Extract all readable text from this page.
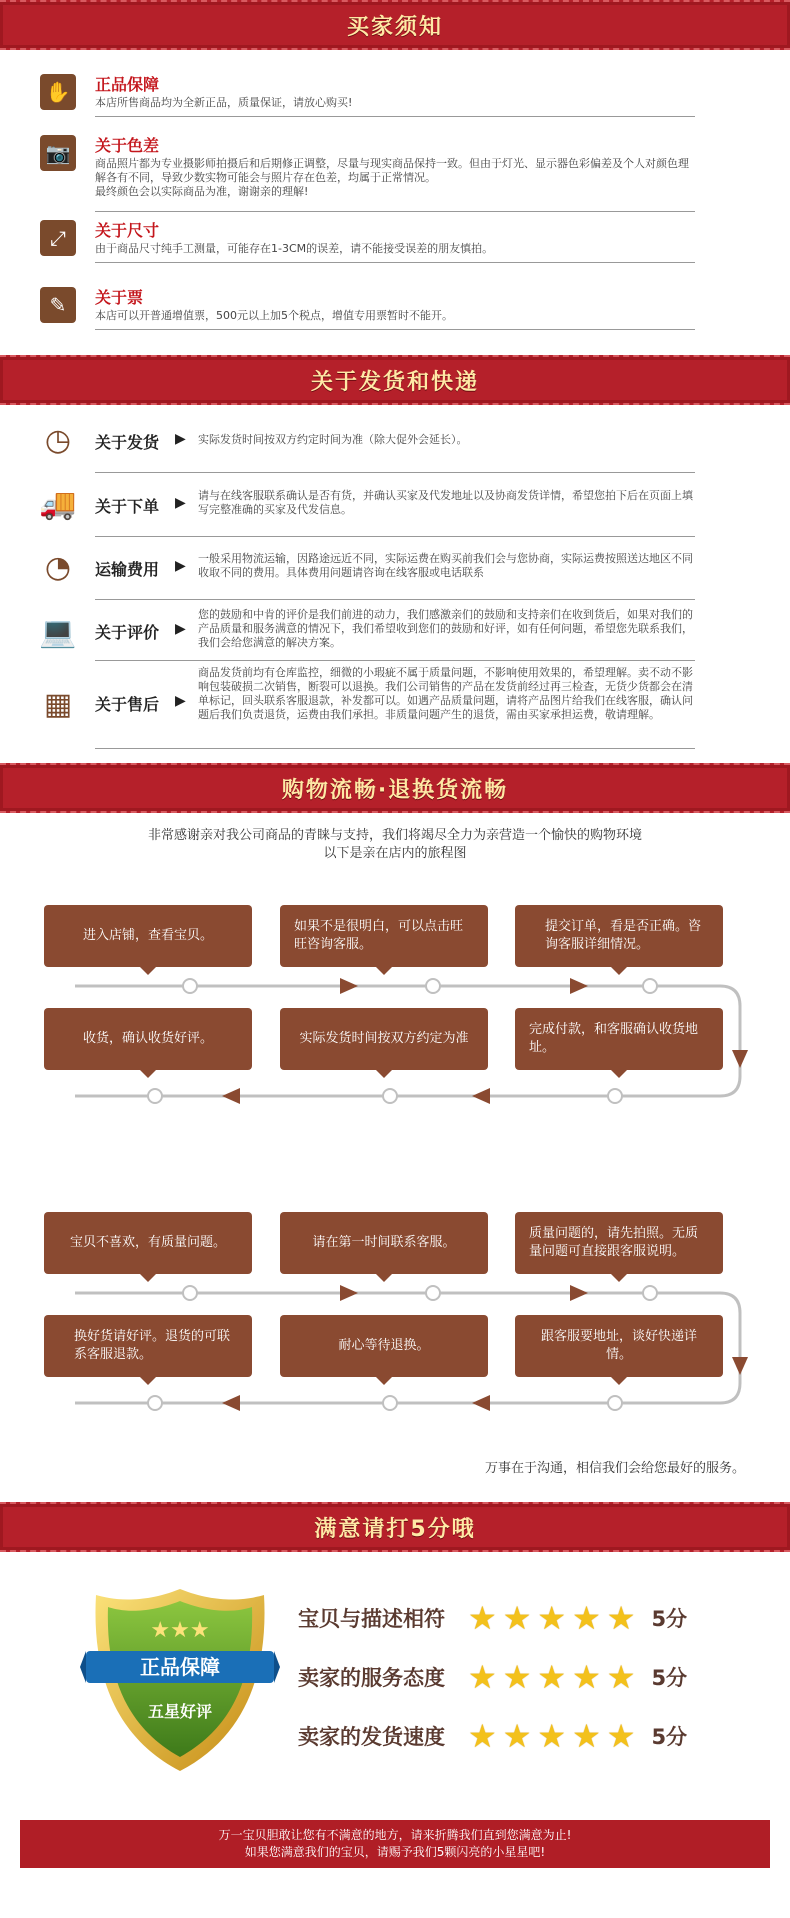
买家须知
✋	正品保障
本店所售商品均为全新正品，质量保证，请放心购买!
📷	关于色差
商品照片都为专业摄影师拍摄后和后期修正调整，尽量与现实商品保持一致。但由于灯光、显示器色彩偏差及个人对颜色理解各有不同，导致少数实物可能会与照片存在色差，均属于正常情况。
最终颜色会以实际商品为准，谢谢亲的理解!
⤢	关于尺寸
由于商品尺寸纯手工测量，可能存在1-3CM的误差，请不能接受误差的朋友慎拍。
✎	关于票
本店可以开普通增值票，500元以上加5个税点，增值专用票暂时不能开。
关于发货和快递
◷	关于发货 ▶ 实际发货时间按双方约定时间为准（除大促外会延长）。
🚚 关于下单 ▶ 请与在线客服联系确认是否有货，并确认买家及代发地址以及协商发货详情，希望您拍下后在页面上填写完整准确的买家及代发信息。
◔	运输费用 ▶ 一般采用物流运输，因路途远近不同，实际运费在购买前我们会与您协商，实际运费按照送达地区不同收取不同的费用。具体费用问题请咨询在线客服或电话联系
💻 关于评价 ▶
您的鼓励和中肯的评价是我们前进的动力，我们感激亲们的鼓励和支持亲们在收到货后，如果对我们的产品质量和服务满意的情况下，我们希望收到您们的鼓励和好评，如有任何问题，希望您先联系我们，我们会给您满意的解决方案。
▦ 关于售后 ▶
商品发货前均有仓库监控，细微的小瑕疵不属于质量问题，不影响使用效果的，希望理解。卖不动不影响包装破损二次销售，断裂可以退换。我们公司销售的产品在发货前经过再三检查，无货少货都会在清单标记，回头联系客服退款，补发都可以。如遇产品质量问题，请将产品图片给我们在线客服，确认问题后我们负责退货，运费由我们承担。非质量问题产生的退货，需由买家承担运费，敬请理解。
购物流畅·退换货流畅
非常感谢亲对我公司商品的青睐与支持，我们将竭尽全力为亲营造一个愉快的购物环境
以下是亲在店内的旅程图
进入店铺，查看宝贝。
如果不是很明白，可以点击旺旺咨询客服。
提交订单，看是否正确。咨询客服详细情况。
收货，确认收货好评。	实际发货时间按双方约定为准
完成付款，和客服确认收货地址。
宝贝不喜欢，有质量问题。	请在第一时间联系客服。
质量问题的，请先拍照。无质量问题可直接跟客服说明。
换好货请好评。退货的可联系客服退款。
耐心等待退换。
跟客服要地址，谈好快递详情。
万事在于沟通，相信我们会给您最好的服务。
满意请打5分哦
★★★
正品保障
五星好评
宝贝与描述相符 ★ ★ ★ ★ ★ 5分
卖家的服务态度 ★ ★ ★ ★ ★ 5分
卖家的发货速度 ★ ★ ★ ★ ★ 5分
万一宝贝胆敢让您有不满意的地方，请来折腾我们直到您满意为止!
如果您满意我们的宝贝，请赐予我们5颗闪亮的小星星吧!
